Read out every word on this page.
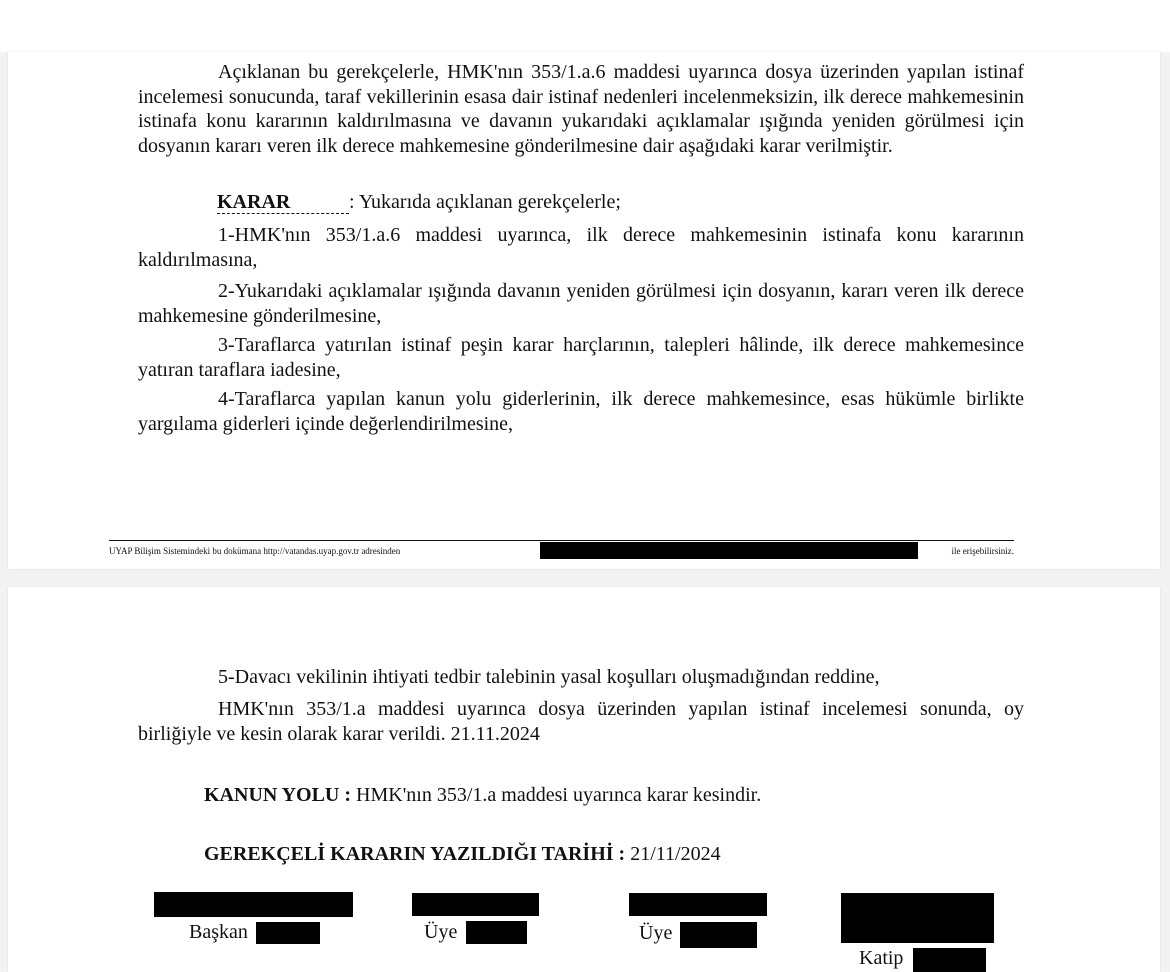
Açıklanan bu gerekçelerle, HMK'nın 353/1.a.6 maddesi uyarınca dosya üzerinden yapılan istinaf incelemesi sonucunda, taraf vekillerinin esasa dair istinaf nedenleri incelenmeksizin, ilk derece mahkemesinin istinafa konu kararının kaldırılmasına ve davanın yukarıdaki açıklamalar ışığında yeniden görülmesi için dosyanın kararı veren ilk derece mahkemesine gönderilmesine dair aşağıdaki karar verilmiştir.

KARAR	: Yukarıda açıklanan gerekçelerle;

1-HMK'nın 353/1.a.6 maddesi uyarınca, ilk derece mahkemesinin istinafa konu kararının kaldırılmasına,

2-Yukarıdaki açıklamalar ışığında davanın yeniden görülmesi için dosyanın, kararı veren ilk derece mahkemesine gönderilmesine,

3-Taraflarca yatırılan istinaf peşin karar harçlarının, talepleri hâlinde, ilk derece mahkemesince yatıran taraflara iadesine,

4-Taraflarca yapılan kanun yolu giderlerinin, ilk derece mahkemesince, esas hükümle birlikte yargılama giderleri içinde değerlendirilmesine,

UYAP Bilişim Sistemindeki bu dokümana http://vatandas.uyap.gov.tr adresinden	ile erişebilirsiniz.

5-Davacı vekilinin ihtiyati tedbir talebinin yasal koşulları oluşmadığından reddine,

HMK'nın 353/1.a maddesi uyarınca dosya üzerinden yapılan istinaf incelemesi sonunda, oy birliğiyle ve kesin olarak karar verildi. 21.11.2024

KANUN YOLU : HMK'nın 353/1.a maddesi uyarınca karar kesindir.
GEREKÇELİ KARARIN YAZILDIĞI TARİHİ : 21/11/2024
Başkan	Üye	Üye
Katip
